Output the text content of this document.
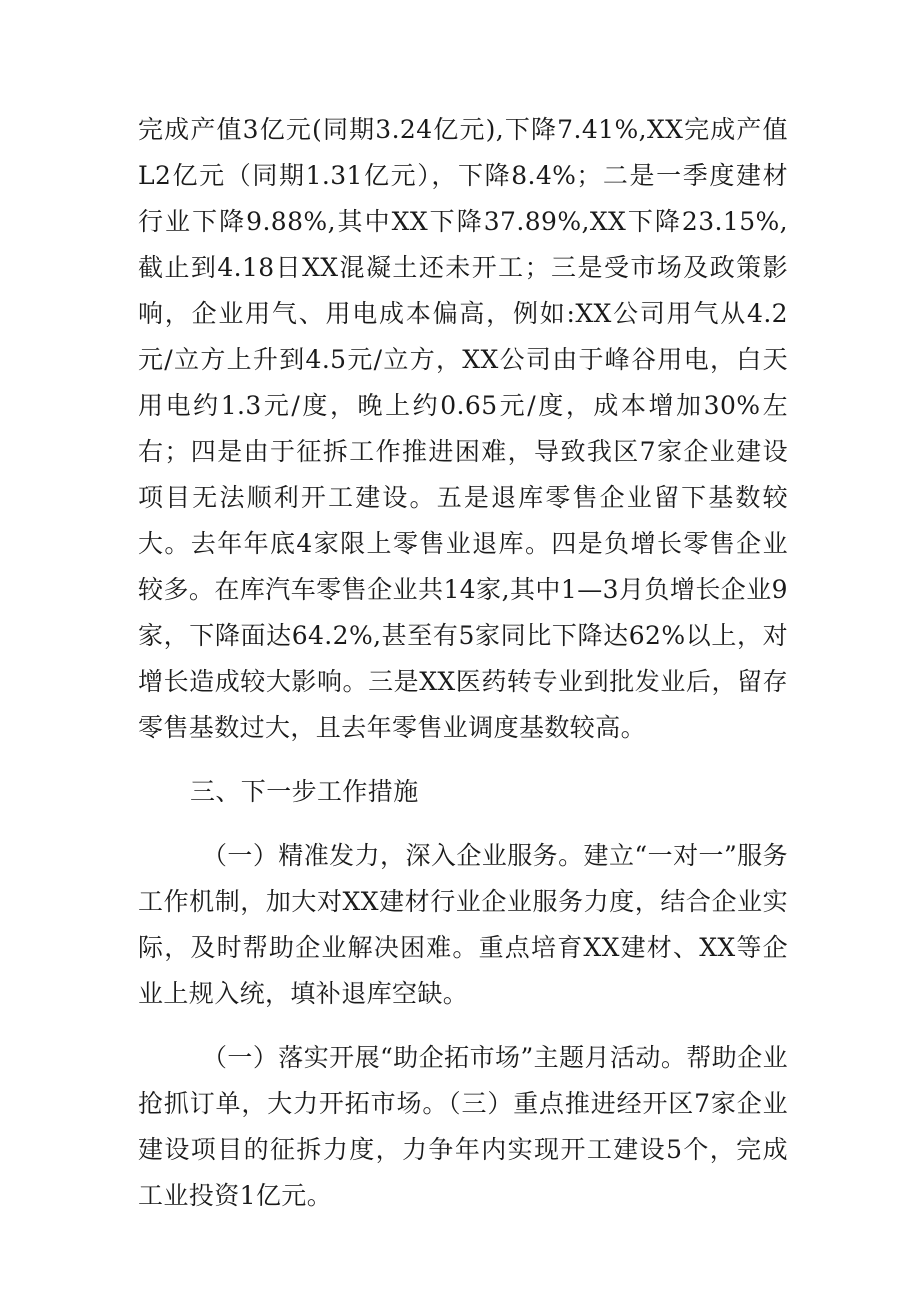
完成产值3亿元(同期3.24亿元),下降7.41%,XX完成产值L2亿元（同期1.31亿元），下降8.4%；二是一季度建材行业下降9.88%,其中XX下降37.89%,XX下降23.15%,截止到4.18日XX混凝土还未开工；三是受市场及政策影响，企业用气、用电成本偏高，例如:XX公司用气从4.2元/立方上升到4.5元/立方，XX公司由于峰谷用电，白天用电约1.3元/度，晚上约0.65元/度，成本增加30%左右；四是由于征拆工作推进困难，导致我区7家企业建设项目无法顺利开工建设。五是退库零售企业留下基数较大。去年年底4家限上零售业退库。四是负增长零售企业较多。在库汽车零售企业共14家,其中1—3月负增长企业9家，下降面达64.2%,甚至有5家同比下降达62%以上，对增长造成较大影响。三是XX医药转专业到批发业后，留存零售基数过大，且去年零售业调度基数较高。

三、下一步工作措施

（一）精准发力，深入企业服务。建立“一对一”服务工作机制，加大对XX建材行业企业服务力度，结合企业实际，及时帮助企业解决困难。重点培育XX建材、XX等企业上规入统，填补退库空缺。

（一）落实开展“助企拓市场”主题月活动。帮助企业抢抓订单，大力开拓市场。（三）重点推进经开区7家企业建设项目的征拆力度，力争年内实现开工建设5个，完成工业投资1亿元。
